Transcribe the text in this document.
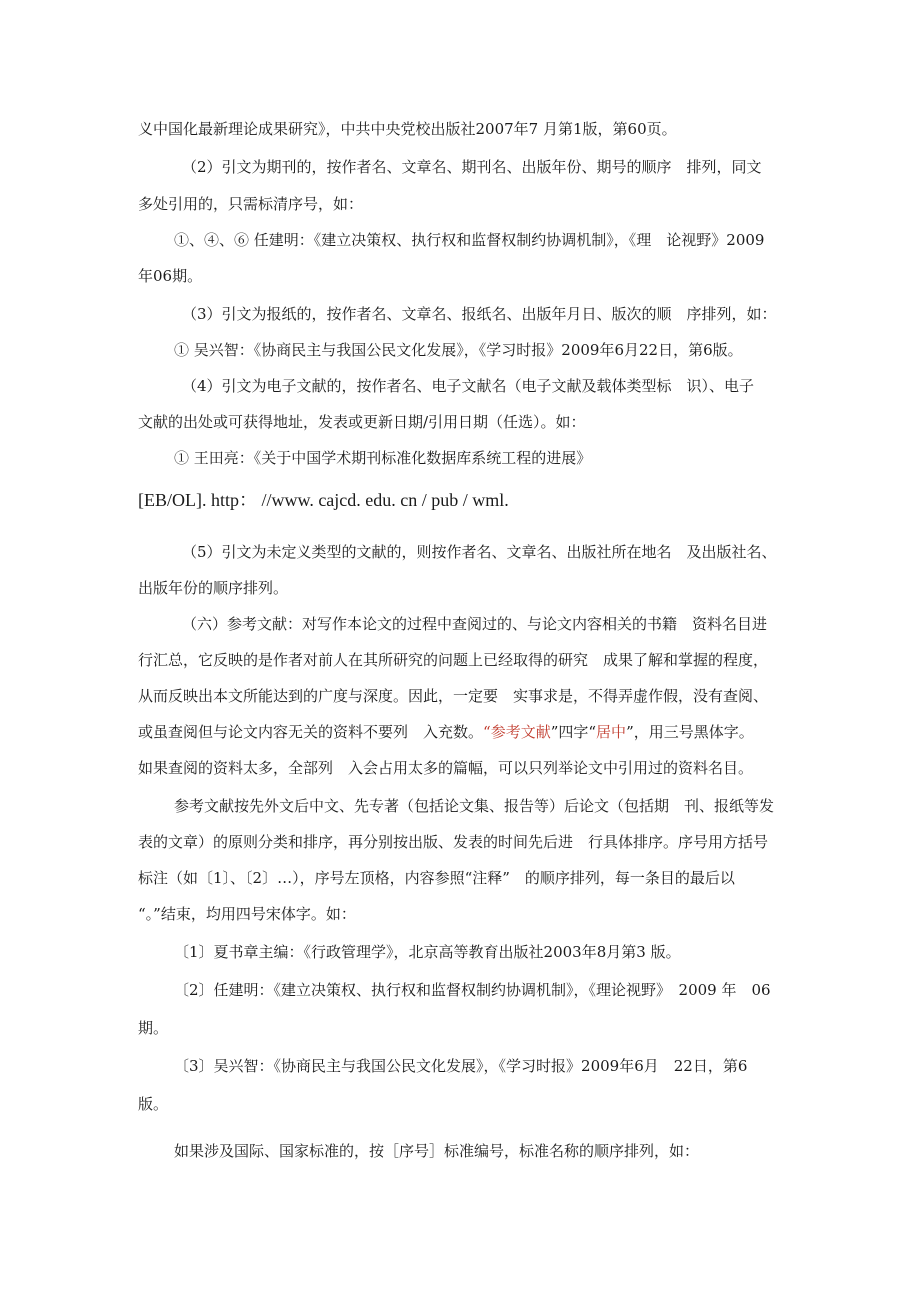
义中国化最新理论成果研究》，中共中央党校出版社2007年7 月第1版，第60页。
（2）引文为期刊的，按作者名、文章名、期刊名、出版年份、期号的顺序　排列，同文
多处引用的，只需标清序号，如：
①、④、⑥ 任建明：《建立决策权、执行权和监督权制约协调机制》，《理　论视野》2009
年06期。
（3）引文为报纸的，按作者名、文章名、报纸名、出版年月日、版次的顺　序排列，如：
① 吴兴智：《协商民主与我国公民文化发展》，《学习时报》2009年6月22日，第6版。
（4）引文为电子文献的，按作者名、电子文献名（电子文献及载体类型标　识）、电子
文献的出处或可获得地址，发表或更新日期/引用日期（任选）。如：
① 王田亮：《关于中国学术期刊标准化数据库系统工程的进展》
[EB/OL]. http： //www. cajcd. edu. cn / pub / wml.
（5）引文为未定义类型的文献的，则按作者名、文章名、出版社所在地名　及出版社名、
出版年份的顺序排列。
（六）参考文献：对写作本论文的过程中查阅过的、与论文内容相关的书籍　资料名目进
行汇总，它反映的是作者对前人在其所研究的问题上已经取得的研究　成果了解和掌握的程度，
从而反映出本文所能达到的广度与深度。因此，一定要　实事求是，不得弄虚作假，没有查阅、
或虽查阅但与论文内容无关的资料不要列　入充数。“参考文献”四字“居中”，用三号黑体字。
如果查阅的资料太多，全部列　入会占用太多的篇幅，可以只列举论文中引用过的资料名目。
参考文献按先外文后中文、先专著（包括论文集、报告等）后论文（包括期　刊、报纸等发
表的文章）的原则分类和排序，再分别按出版、发表的时间先后进　行具体排序。序号用方括号
标注（如〔1〕、〔2〕…），序号左顶格，内容参照“注释”　的顺序排列，每一条目的最后以
“。”结束，均用四号宋体字。如：
〔1〕夏书章主编：《行政管理学》，北京高等教育出版社2003年8月第3 版。
〔2〕任建明：《建立决策权、执行权和监督权制约协调机制》，《理论视野》　2009 年　06
期。
〔3〕吴兴智：《协商民主与我国公民文化发展》，《学习时报》2009年6月　22日，第6
版。
如果涉及国际、国家标准的，按［序号］标准编号，标准名称的顺序排列，如：
